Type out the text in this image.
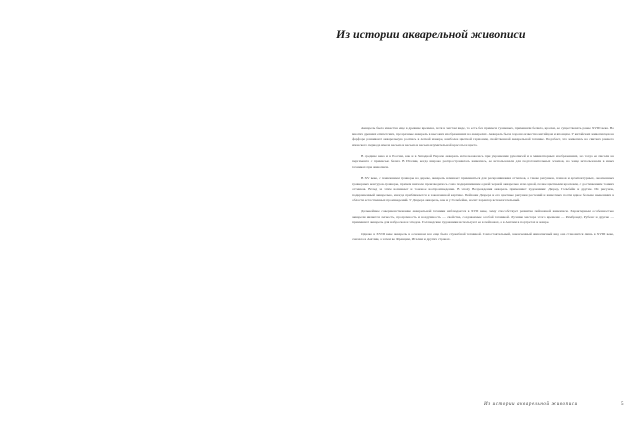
Из истории акварельной живописи

Акварель была известна еще в древние времена, хотя в чистом виде, то есть без примеси гуашевых, применяли белила, краски, ее существовать ранее XVIII века. Во многих древних египетских, прозрачные акварель в высоких изображениях на акварелях. Акварель была хорошо известна китайцам и японцам. У китайских живописцев на фарфоре развивают акварельную роспись в легкой манере, наиболее цветной гармонии, свойственной акварельной технике. Подобает, что живопись на свитках раннего японского периода имела весьма и весьма и весьма изумительной красоты и цвета.

В средние века и в России, как и в Западной Европе акварель использовалась при украшении рукописей и в миниатюрных изображениях, но тогда ее писали на пергаменте с примесью белил. В Италии, когда широко распространилась живопись, ее использовали для подготовительных эскизов, но чаще использовали в иных техниках при живописи.

В XV веке, с появлением гравюры на дереве, акварель начинает применяться для раскрашивания оттисков, а также рисунков, планов и архитектурных, оконченных гравюрных контуров-гравюры, причем вначале производилось само подкрашивание одной черной акварелью или одной, позже цветными красками, с достижением тонких оттенков. Вслед за этим возникает и тоновое воспроизведение. В эпоху Возрождения акварель применяют художники: Дюрер, Гольбейн и другие. Их рисунок, подкрашенный акварелью, иногда приближается к законченной картине. Пейзажи Дюрера и его цветные рисунки растений и животных почти вдвое больше нынешних в области естественных произведений. У Дюрера акварель, как и у Гольбейна, носит характер вспомогательный.

Дальнейшее совершенствование акварельной техники наблюдается в XVII веке, чему способствует развитие пейзажной живописи. Характерным особенностью акварели является легкость, прозрачность и воздушность — свойства, создаваемые особой техникой. Лучшие мастера этого времени — Рембрандт, Рубенс и другие — применяют акварель для набросков и этюдов. Голландские художники используют ее в пейзажах, а в Англии в портретах и жанре.

Однако в XVIII веке акварель в основном все еще была служебной техникой. Самостоятельный, законченный живописный вид она становится лишь в XVIII веке, сначала в Англии, а затем во Франции, Италии и других странах.

Из истории акварельной живописи	5
